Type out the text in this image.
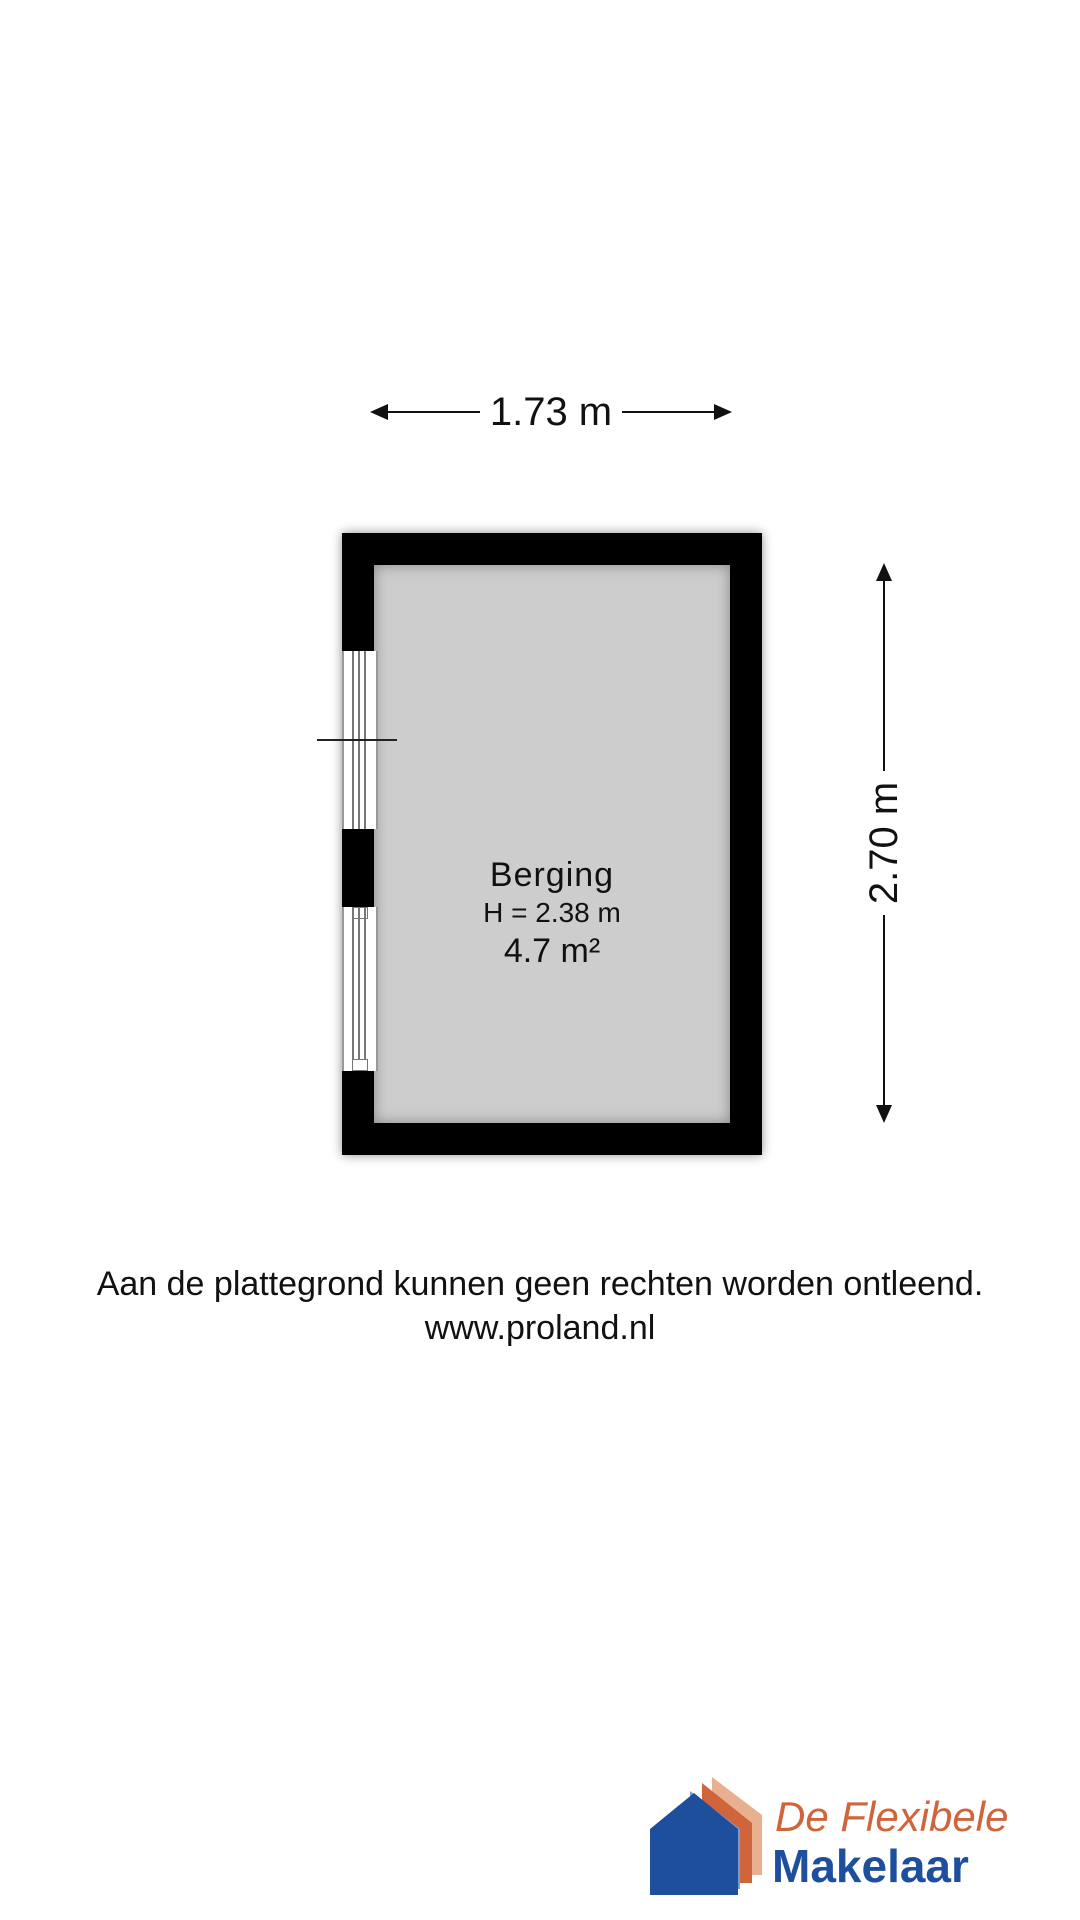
1.73 m
Berging
H = 2.38 m
4.7 m²
2.70 m
Aan de plattegrond kunnen geen rechten worden ontleend.
www.proland.nl
De Flexibele
Makelaar
